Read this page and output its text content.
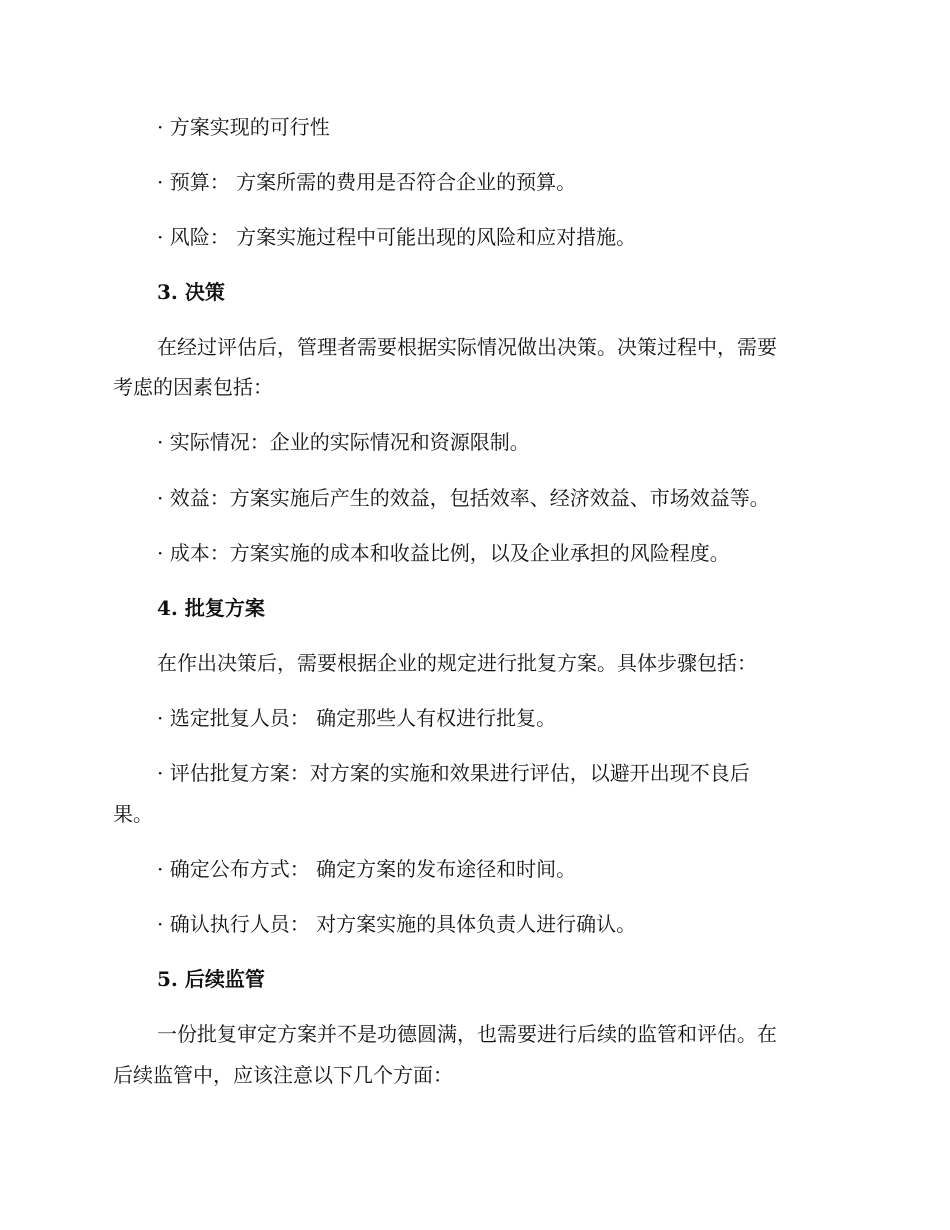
· 方案实现的可行性
· 预算： 方案所需的费用是否符合企业的预算。
· 风险： 方案实施过程中可能出现的风险和应对措施。
3. 决策
在经过评估后，管理者需要根据实际情况做出决策。决策过程中，需要
考虑的因素包括：
· 实际情况：企业的实际情况和资源限制。
· 效益：方案实施后产生的效益，包括效率、经济效益、市场效益等。
· 成本：方案实施的成本和收益比例，以及企业承担的风险程度。
4. 批复方案
在作出决策后，需要根据企业的规定进行批复方案。具体步骤包括：
· 选定批复人员： 确定那些人有权进行批复。
· 评估批复方案：对方案的实施和效果进行评估，以避开出现不良后
果。
· 确定公布方式： 确定方案的发布途径和时间。
· 确认执行人员： 对方案实施的具体负责人进行确认。
5. 后续监管
一份批复审定方案并不是功德圆满，也需要进行后续的监管和评估。在
后续监管中，应该注意以下几个方面：
